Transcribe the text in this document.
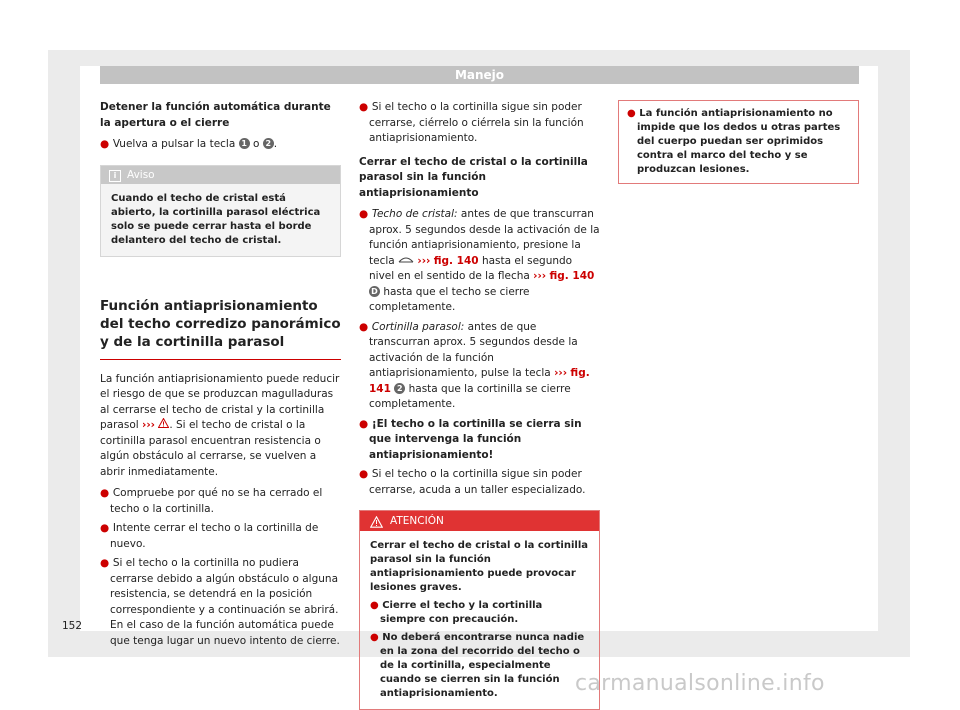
Manejo

Detener la función automática durante la apertura o el cierre

● Vuelva a pulsar la tecla 1 o 2 .

i Aviso
Cuando el techo de cristal está abierto, la cortinilla parasol eléctrica solo se puede cerrar hasta el borde delantero del techo de cristal.
Función antiaprisionamiento del techo corredizo panorámico y de la cortinilla parasol

La función antiaprisionamiento puede reducir el riesgo de que se produzcan magulladuras al cerrarse el techo de cristal y la cortinilla parasol ››› . Si el techo de cristal o la cortinilla parasol encuentran resistencia o algún obstáculo al cerrarse, se vuelven a abrir inmediatamente.

● Compruebe por qué no se ha cerrado el techo o la cortinilla.

● Intente cerrar el techo o la cortinilla de nuevo.

● Si el techo o la cortinilla no pudiera cerrarse debido a algún obstáculo o alguna resistencia, se detendrá en la posición correspondiente y a continuación se abrirá. En el caso de la función automática puede que tenga lugar un nuevo intento de cierre.

● Si el techo o la cortinilla sigue sin poder cerrarse, ciérrelo o ciérrela sin la función antiaprisionamiento.

Cerrar el techo de cristal o la cortinilla parasol sin la función antiaprisionamiento

● Techo de cristal: antes de que transcurran aprox. 5 segundos desde la activación de la función antiaprisionamiento, presione la tecla ››› fig. 140 hasta el segundo nivel en el sentido de la flecha ››› fig. 140 D hasta que el techo se cierre completamente.

● Cortinilla parasol: antes de que transcurran aprox. 5 segundos desde la activación de la función antiaprisionamiento, pulse la tecla ››› fig. 141 2 hasta que la cortinilla se cierre completamente.

● ¡El techo o la cortinilla se cierra sin que intervenga la función antiaprisionamiento!

● Si el techo o la cortinilla sigue sin poder cerrarse, acuda a un taller especializado.

ATENCIÓN

Cerrar el techo de cristal o la cortinilla parasol sin la función antiaprisionamiento puede provocar lesiones graves.

● Cierre el techo y la cortinilla siempre con precaución.

● No deberá encontrarse nunca nadie en la zona del recorrido del techo o de la cortinilla, especialmente cuando se cierren sin la función antiaprisionamiento.

● La función antiaprisionamiento no impide que los dedos u otras partes del cuerpo puedan ser oprimidos contra el marco del techo y se produzcan lesiones.

152
carmanualsonline.info
